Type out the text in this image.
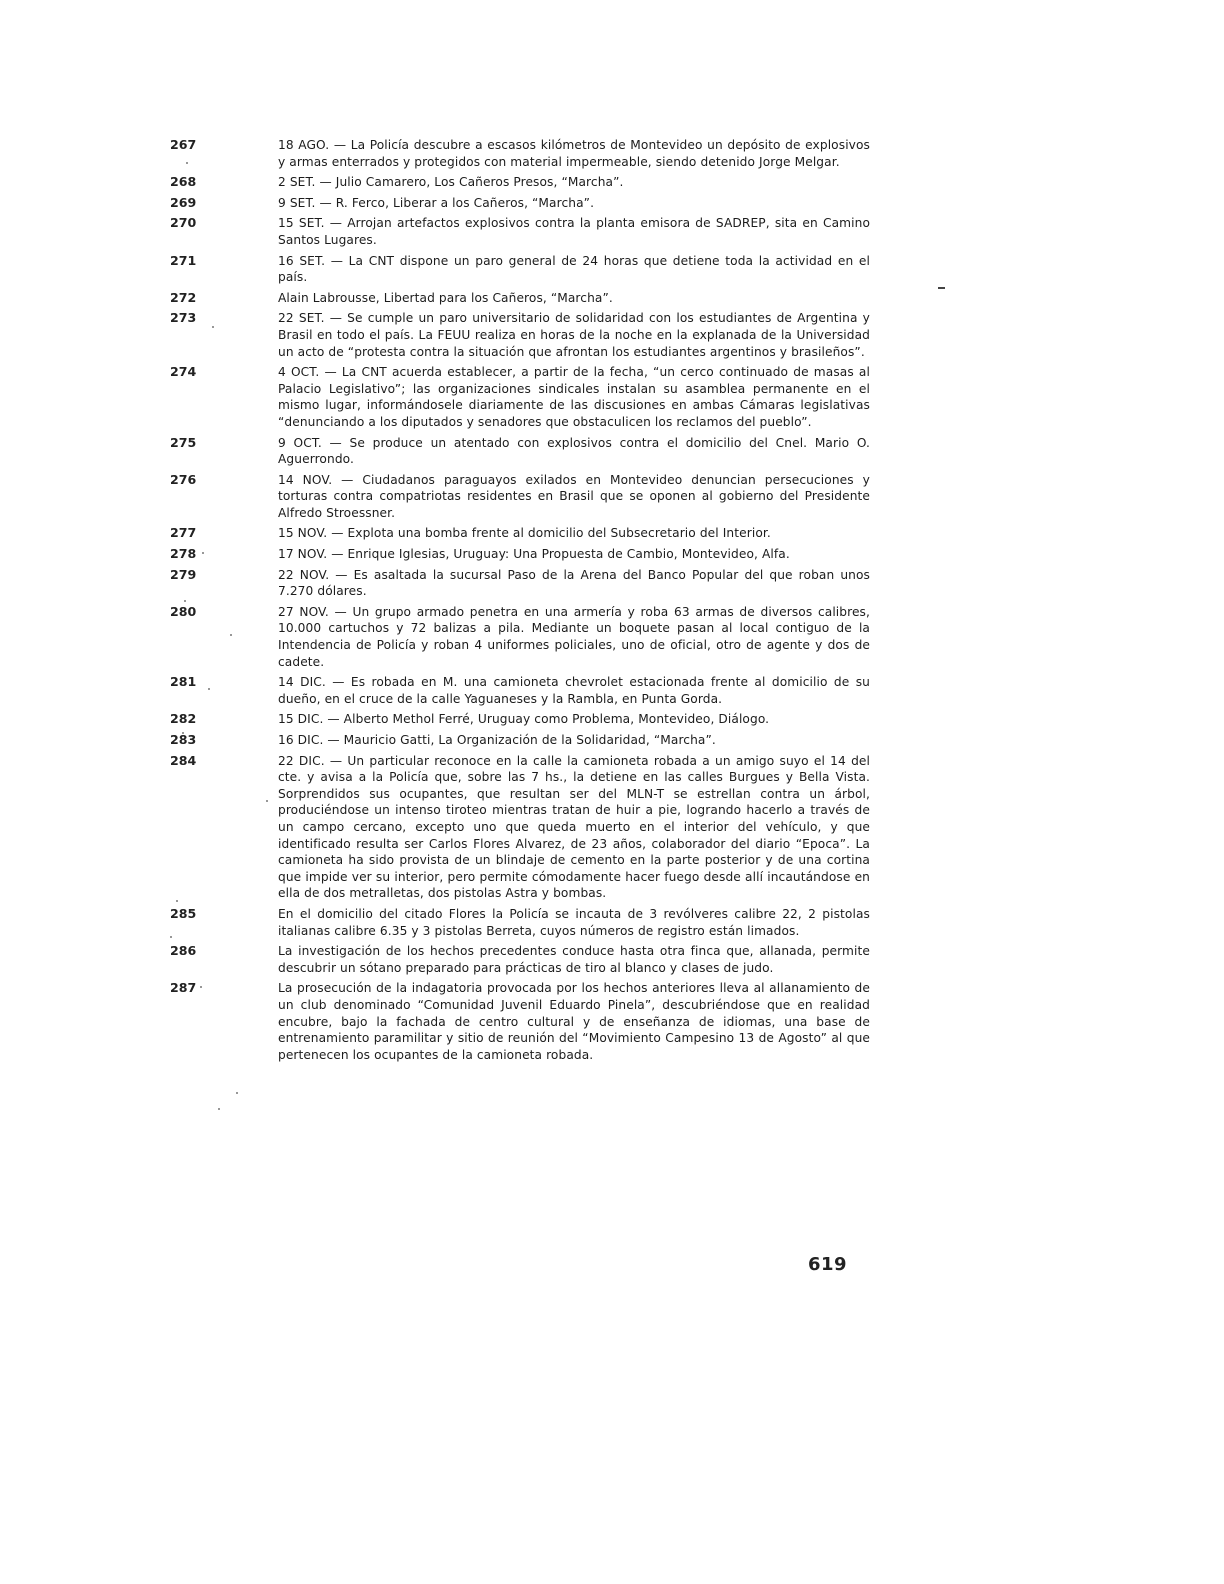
267	18 AGO. — La Policía descubre a escasos kilómetros de Montevideo un depósito de explosivos y armas enterrados y protegidos con material impermeable, siendo detenido Jorge Melgar.

268	2 SET. — Julio Camarero, Los Cañeros Presos, “Marcha”.

269	9 SET. — R. Ferco, Liberar a los Cañeros, “Marcha”.

270	15 SET. — Arrojan artefactos explosivos contra la planta emisora de SADREP, sita en Camino Santos Lugares.

271	16 SET. — La CNT dispone un paro general de 24 horas que detiene toda la actividad en el país.

272	Alain Labrousse, Libertad para los Cañeros, “Marcha”.

273	22 SET. — Se cumple un paro universitario de solidaridad con los estudiantes de Argentina y Brasil en todo el país. La FEUU realiza en horas de la noche en la explanada de la Universidad un acto de “protesta contra la situación que afrontan los estudiantes argentinos y brasileños”.

274	4 OCT. — La CNT acuerda establecer, a partir de la fecha, “un cerco continuado de masas al Palacio Legislativo”; las organizaciones sindicales instalan su asamblea permanente en el mismo lugar, informándosele diariamente de las discusiones en ambas Cámaras legislativas “denunciando a los diputados y senadores que obstaculicen los reclamos del pueblo”.

275	9 OCT. — Se produce un atentado con explosivos contra el domicilio del Cnel. Mario O. Aguerrondo.

276	14 NOV. — Ciudadanos paraguayos exilados en Montevideo denuncian persecuciones y torturas contra compatriotas residentes en Brasil que se oponen al gobierno del Presidente Alfredo Stroessner.

277	15 NOV. — Explota una bomba frente al domicilio del Subsecretario del Interior.

278	17 NOV. — Enrique Iglesias, Uruguay: Una Propuesta de Cambio, Montevideo, Alfa.

279	22 NOV. — Es asaltada la sucursal Paso de la Arena del Banco Popular del que roban unos 7.270 dólares.

280	27 NOV. — Un grupo armado penetra en una armería y roba 63 armas de diversos calibres, 10.000 cartuchos y 72 balizas a pila. Mediante un boquete pasan al local contiguo de la Intendencia de Policía y roban 4 uniformes policiales, uno de oficial, otro de agente y dos de cadete.

281	14 DIC. — Es robada en M. una camioneta chevrolet estacionada frente al domicilio de su dueño, en el cruce de la calle Yaguaneses y la Rambla, en Punta Gorda.

282	15 DIC. — Alberto Methol Ferré, Uruguay como Problema, Montevideo, Diálogo.

283	16 DIC. — Mauricio Gatti, La Organización de la Solidaridad, “Marcha”.

284	22 DIC. — Un particular reconoce en la calle la camioneta robada a un amigo suyo el 14 del cte. y avisa a la Policía que, sobre las 7 hs., la detiene en las calles Burgues y Bella Vista. Sorprendidos sus ocupantes, que resultan ser del MLN-T se estrellan contra un árbol, produciéndose un intenso tiroteo mientras tratan de huir a pie, logrando hacerlo a través de un campo cercano, excepto uno que queda muerto en el interior del vehículo, y que identificado resulta ser Carlos Flores Alvarez, de 23 años, colaborador del diario “Epoca”. La camioneta ha sido provista de un blindaje de cemento en la parte posterior y de una cortina que impide ver su interior, pero permite cómodamente hacer fuego desde allí incautándose en ella de dos metralletas, dos pistolas Astra y bombas.

285	En el domicilio del citado Flores la Policía se incauta de 3 revólveres calibre 22, 2 pistolas italianas calibre 6.35 y 3 pistolas Berreta, cuyos números de registro están limados.

286	La investigación de los hechos precedentes conduce hasta otra finca que, allanada, permite descubrir un sótano preparado para prácticas de tiro al blanco y clases de judo.

287	La prosecución de la indagatoria provocada por los hechos anteriores lleva al allanamiento de un club denominado “Comunidad Juvenil Eduardo Pinela”, descubriéndose que en realidad encubre, bajo la fachada de centro cultural y de enseñanza de idiomas, una base de entrenamiento paramilitar y sitio de reunión del “Movimiento Campesino 13 de Agosto” al que pertenecen los ocupantes de la camioneta robada.

619
